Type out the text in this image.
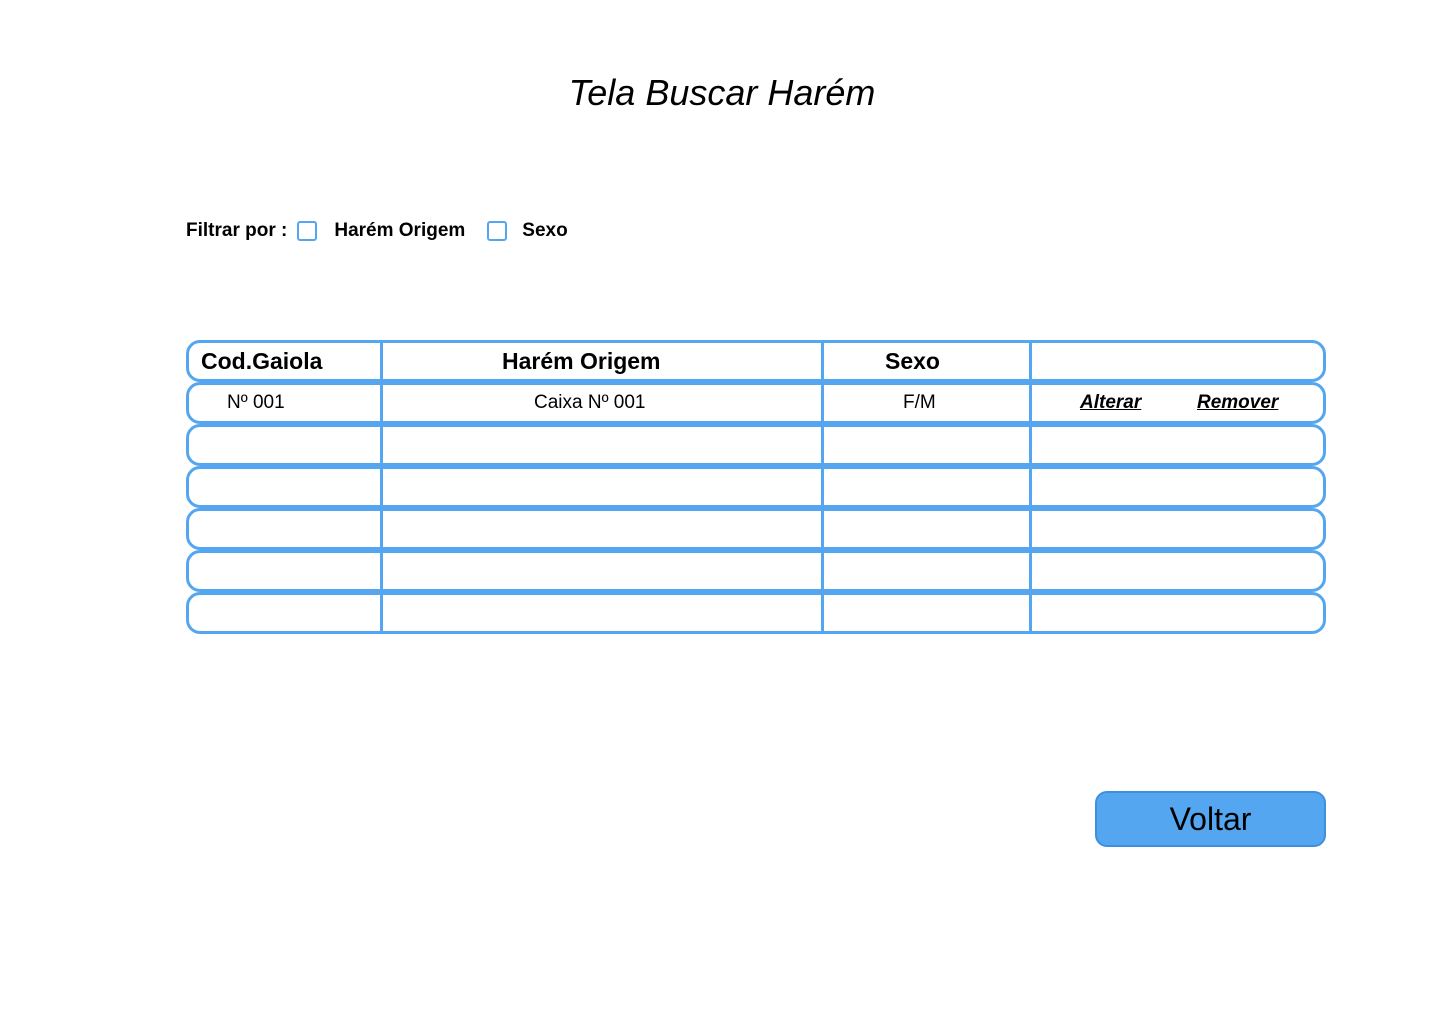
Tela Buscar Harém
Filtrar por : Harém Origem	Sexo
Cod.Gaiola	Harém Origem	Sexo
Nº 001	Caixa Nº 001	F/M	Alterar	Remover
Voltar
